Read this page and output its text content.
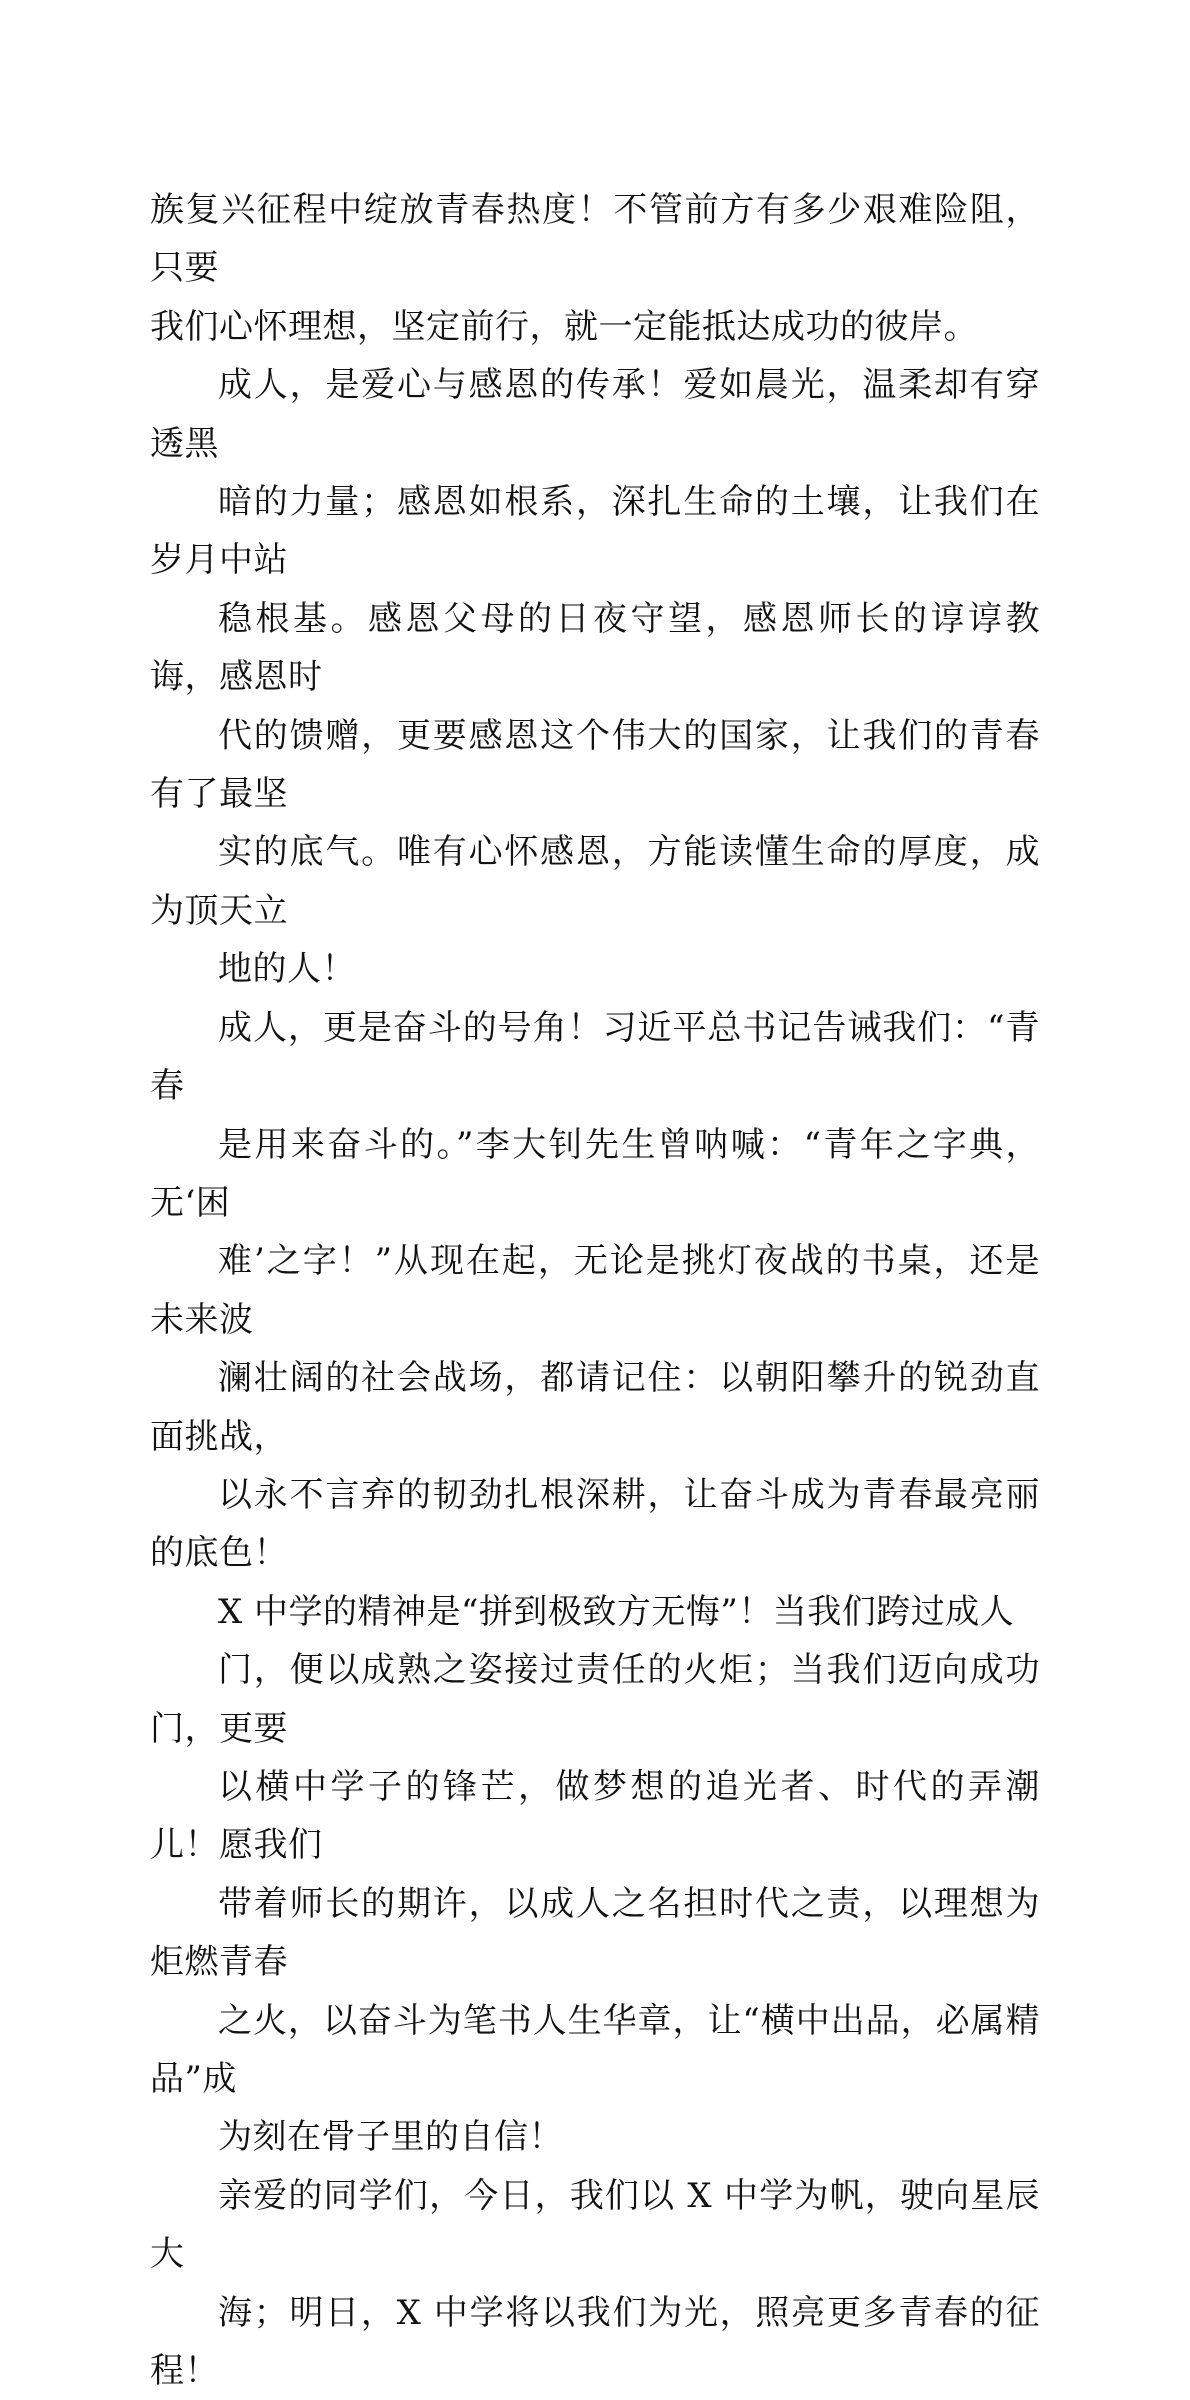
族复兴征程中绽放青春热度！不管前方有多少艰难险阻，只要
我们心怀理想，坚定前行，就一定能抵达成功的彼岸。
成人，是爱心与感恩的传承！爱如晨光，温柔却有穿透黑
暗的力量；感恩如根系，深扎生命的土壤，让我们在岁月中站
稳根基。感恩父母的日夜守望，感恩师长的谆谆教诲，感恩时
代的馈赠，更要感恩这个伟大的国家，让我们的青春有了最坚
实的底气。唯有心怀感恩，方能读懂生命的厚度，成为顶天立
地的人！
成人，更是奋斗的号角！习近平总书记告诫我们：“青春
是用来奋斗的。”李大钊先生曾呐喊：“青年之字典，无‘困
难’之字！”从现在起，无论是挑灯夜战的书桌，还是未来波
澜壮阔的社会战场，都请记住：以朝阳攀升的锐劲直面挑战，
以永不言弃的韧劲扎根深耕，让奋斗成为青春最亮丽的底色！
X 中学的精神是“拼到极致方无悔”！当我们跨过成人
门，便以成熟之姿接过责任的火炬；当我们迈向成功门，更要
以横中学子的锋芒，做梦想的追光者、时代的弄潮儿！愿我们
带着师长的期许，以成人之名担时代之责，以理想为炬燃青春
之火，以奋斗为笔书人生华章，让“横中出品，必属精品”成
为刻在骨子里的自信！
亲爱的同学们，今日，我们以 X 中学为帆，驶向星辰大
海；明日，X 中学将以我们为光，照亮更多青春的征程！
